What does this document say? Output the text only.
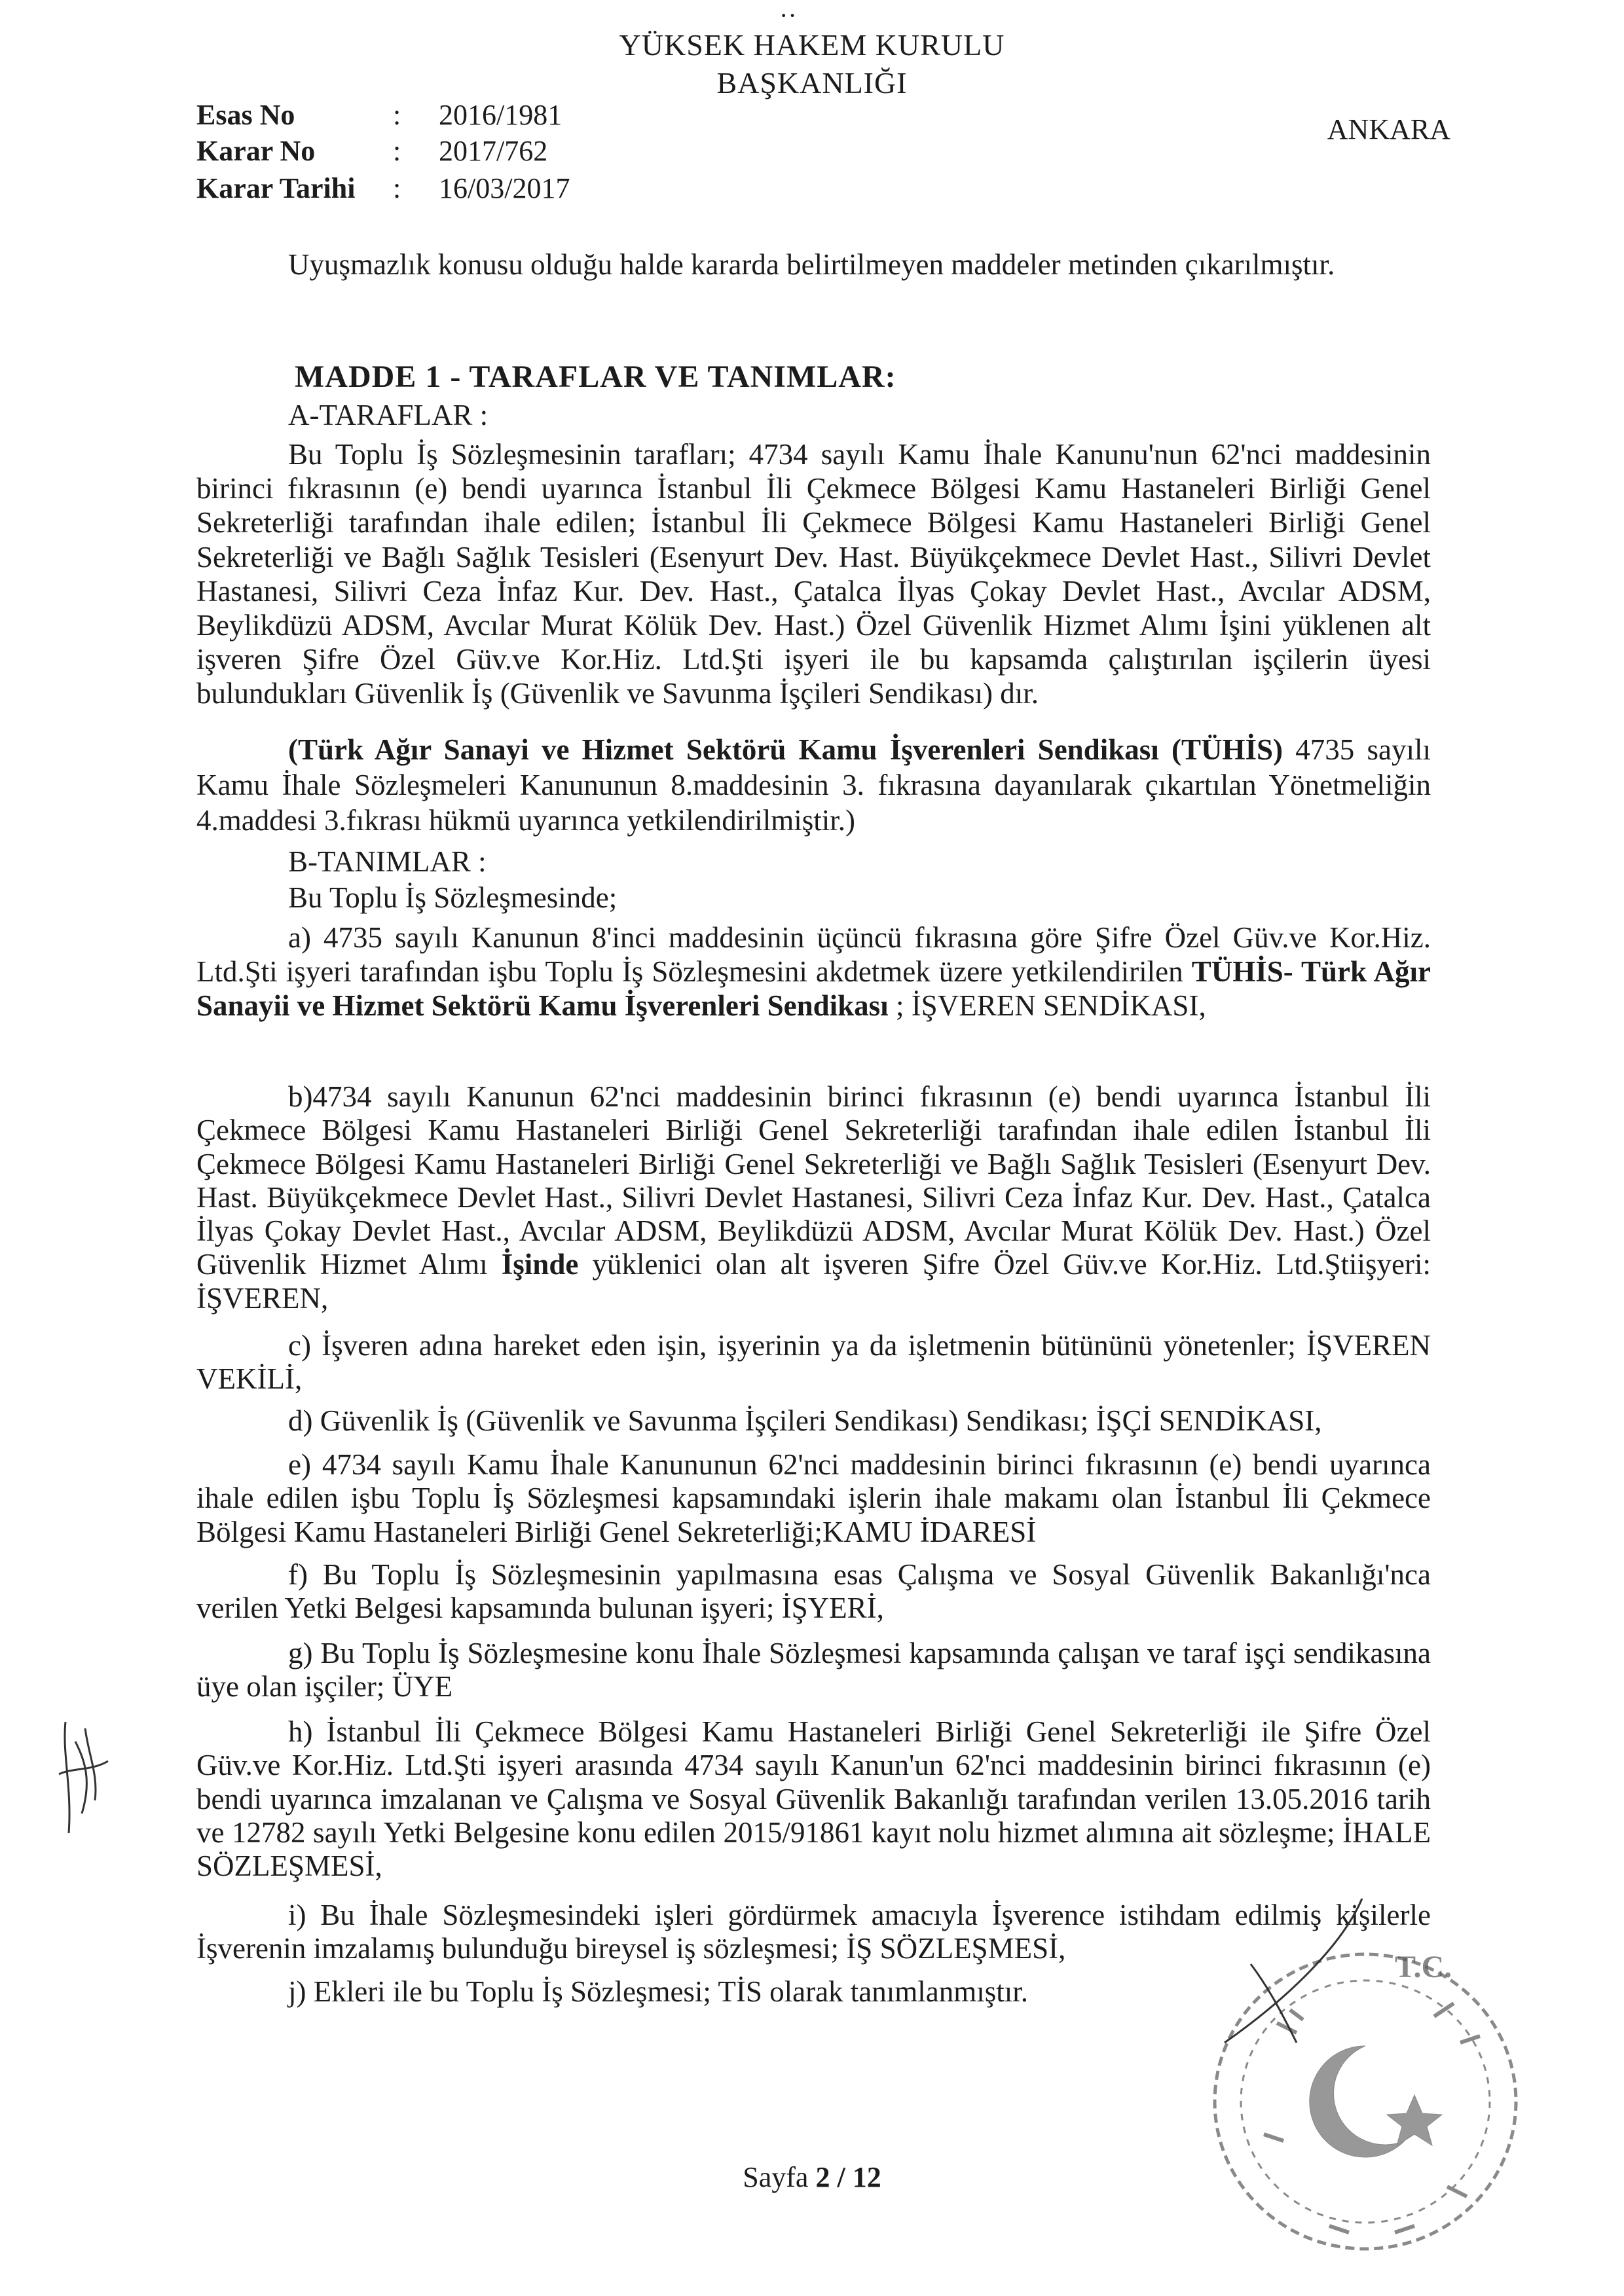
··
YÜKSEK HAKEM KURULU
BAŞKANLIĞI
Esas No	: 2016/1981
Karar No	: 2017/762
Karar Tarihi : 16/03/2017
ANKARA
Uyuşmazlık konusu olduğu halde kararda belirtilmeyen maddeler metinden çıkarılmıştır.
MADDE 1 - TARAFLAR VE TANIMLAR:
A-TARAFLAR :
Bu Toplu İş Sözleşmesinin tarafları; 4734 sayılı Kamu İhale Kanunu'nun 62'nci maddesinin birinci fıkrasının (e) bendi uyarınca İstanbul İli Çekmece Bölgesi Kamu Hastaneleri Birliği Genel Sekreterliği tarafından ihale edilen; İstanbul İli Çekmece Bölgesi Kamu Hastaneleri Birliği Genel Sekreterliği ve Bağlı Sağlık Tesisleri (Esenyurt Dev. Hast. Büyükçekmece Devlet Hast., Silivri Devlet Hastanesi, Silivri Ceza İnfaz Kur. Dev. Hast., Çatalca İlyas Çokay Devlet Hast., Avcılar ADSM, Beylikdüzü ADSM, Avcılar Murat Kölük Dev. Hast.) Özel Güvenlik Hizmet Alımı İşini yüklenen alt işveren Şifre Özel Güv.ve Kor.Hiz. Ltd.Şti işyeri ile bu kapsamda çalıştırılan işçilerin üyesi bulundukları Güvenlik İş (Güvenlik ve Savunma İşçileri Sendikası) dır.
(Türk Ağır Sanayi ve Hizmet Sektörü Kamu İşverenleri Sendikası (TÜHİS) 4735 sayılı Kamu İhale Sözleşmeleri Kanununun 8.maddesinin 3. fıkrasına dayanılarak çıkartılan Yönetmeliğin 4.maddesi 3.fıkrası hükmü uyarınca yetkilendirilmiştir.)
B-TANIMLAR :
Bu Toplu İş Sözleşmesinde;
a) 4735 sayılı Kanunun 8'inci maddesinin üçüncü fıkrasına göre Şifre Özel Güv.ve Kor.Hiz. Ltd.Şti işyeri tarafından işbu Toplu İş Sözleşmesini akdetmek üzere yetkilendirilen TÜHİS- Türk Ağır Sanayii ve Hizmet Sektörü Kamu İşverenleri Sendikası ; İŞVEREN SENDİKASI,
b)4734 sayılı Kanunun 62'nci maddesinin birinci fıkrasının (e) bendi uyarınca İstanbul İli Çekmece Bölgesi Kamu Hastaneleri Birliği Genel Sekreterliği tarafından ihale edilen İstanbul İli Çekmece Bölgesi Kamu Hastaneleri Birliği Genel Sekreterliği ve Bağlı Sağlık Tesisleri (Esenyurt Dev. Hast. Büyükçekmece Devlet Hast., Silivri Devlet Hastanesi, Silivri Ceza İnfaz Kur. Dev. Hast., Çatalca İlyas Çokay Devlet Hast., Avcılar ADSM, Beylikdüzü ADSM, Avcılar Murat Kölük Dev. Hast.) Özel Güvenlik Hizmet Alımı İşinde yüklenici olan alt işveren Şifre Özel Güv.ve Kor.Hiz. Ltd.Ştiişyeri: İŞVEREN,
c) İşveren adına hareket eden işin, işyerinin ya da işletmenin bütününü yönetenler; İŞVEREN VEKİLİ,
d) Güvenlik İş (Güvenlik ve Savunma İşçileri Sendikası) Sendikası; İŞÇİ SENDİKASI,
e) 4734 sayılı Kamu İhale Kanununun 62'nci maddesinin birinci fıkrasının (e) bendi uyarınca ihale edilen işbu Toplu İş Sözleşmesi kapsamındaki işlerin ihale makamı olan İstanbul İli Çekmece Bölgesi Kamu Hastaneleri Birliği Genel Sekreterliği;KAMU İDARESİ
f) Bu Toplu İş Sözleşmesinin yapılmasına esas Çalışma ve Sosyal Güvenlik Bakanlığı'nca verilen Yetki Belgesi kapsamında bulunan işyeri; İŞYERİ,
g) Bu Toplu İş Sözleşmesine konu İhale Sözleşmesi kapsamında çalışan ve taraf işçi sendikasına üye olan işçiler; ÜYE
h) İstanbul İli Çekmece Bölgesi Kamu Hastaneleri Birliği Genel Sekreterliği ile Şifre Özel Güv.ve Kor.Hiz. Ltd.Şti işyeri arasında 4734 sayılı Kanun'un 62'nci maddesinin birinci fıkrasının (e) bendi uyarınca imzalanan ve Çalışma ve Sosyal Güvenlik Bakanlığı tarafından verilen 13.05.2016 tarih ve 12782 sayılı Yetki Belgesine konu edilen 2015/91861 kayıt nolu hizmet alımına ait sözleşme; İHALE SÖZLEŞMESİ,
i) Bu İhale Sözleşmesindeki işleri gördürmek amacıyla İşverence istihdam edilmiş kişilerle İşverenin imzalamış bulunduğu bireysel iş sözleşmesi; İŞ SÖZLEŞMESİ,
j) Ekleri ile bu Toplu İş Sözleşmesi; TİS olarak tanımlanmıştır.
Sayfa 2 / 12
T.C.
